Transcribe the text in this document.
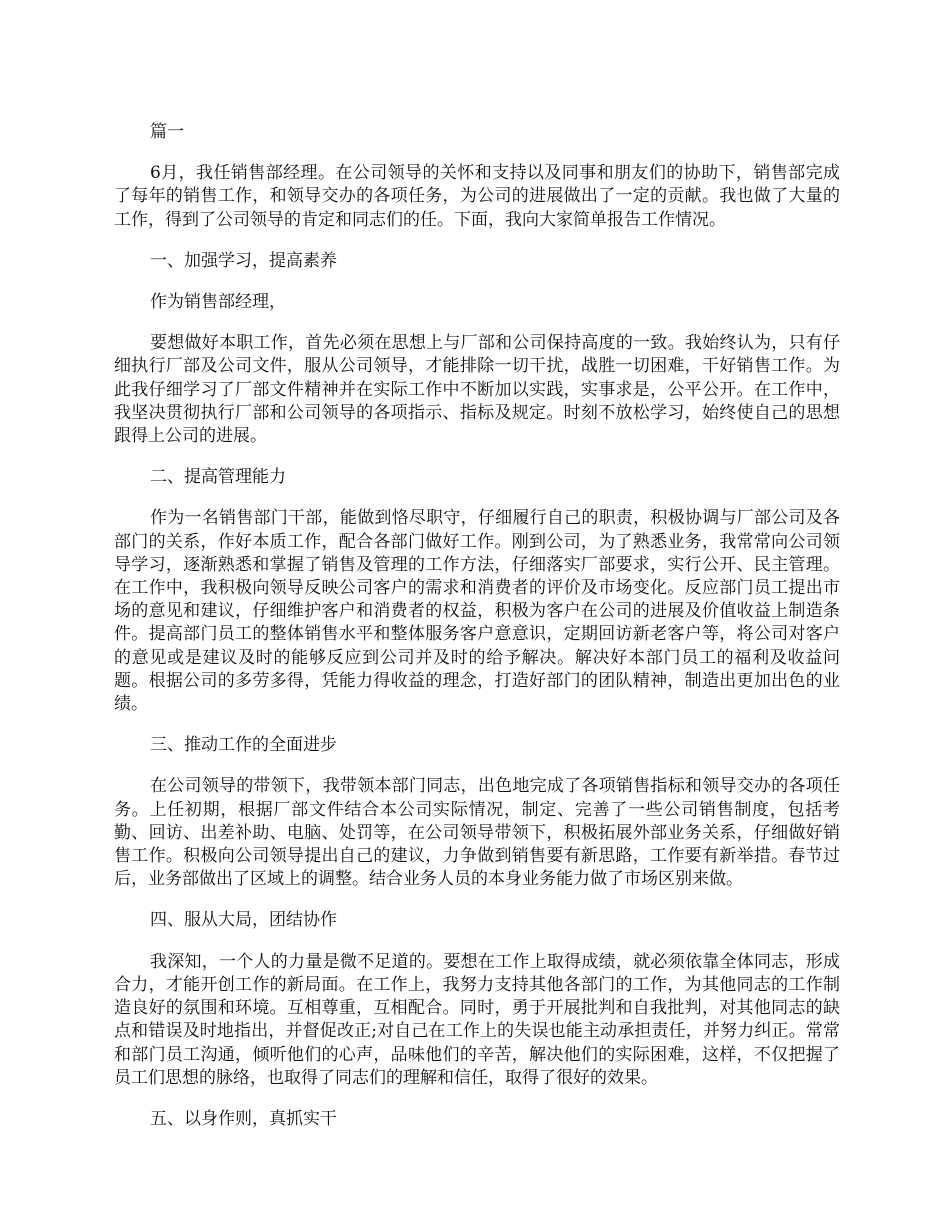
篇一
6月，我任销售部经理。在公司领导的关怀和支持以及同事和朋友们的协助下，销售部完成了每年的销售工作，和领导交办的各项任务，为公司的进展做出了一定的贡献。我也做了大量的工作，得到了公司领导的肯定和同志们的任。下面，我向大家简单报告工作情况。
一、加强学习，提高素养
作为销售部经理，
要想做好本职工作，首先必须在思想上与厂部和公司保持高度的一致。我始终认为，只有仔细执行厂部及公司文件，服从公司领导，才能排除一切干扰，战胜一切困难，干好销售工作。为此我仔细学习了厂部文件精神并在实际工作中不断加以实践，实事求是，公平公开。在工作中，我坚决贯彻执行厂部和公司领导的各项指示、指标及规定。时刻不放松学习，始终使自己的思想跟得上公司的进展。
二、提高管理能力
作为一名销售部门干部，能做到恪尽职守，仔细履行自己的职责，积极协调与厂部公司及各部门的关系，作好本质工作，配合各部门做好工作。刚到公司，为了熟悉业务，我常常向公司领导学习，逐渐熟悉和掌握了销售及管理的工作方法，仔细落实厂部要求，实行公开、民主管理。在工作中，我积极向领导反映公司客户的需求和消费者的评价及市场变化。反应部门员工提出市场的意见和建议，仔细维护客户和消费者的权益，积极为客户在公司的进展及价值收益上制造条件。提高部门员工的整体销售水平和整体服务客户意意识，定期回访新老客户等，将公司对客户的意见或是建议及时的能够反应到公司并及时的给予解决。解决好本部门员工的福利及收益问题。根据公司的多劳多得，凭能力得收益的理念，打造好部门的团队精神，制造出更加出色的业绩。
三、推动工作的全面进步
在公司领导的带领下，我带领本部门同志，出色地完成了各项销售指标和领导交办的各项任务。上任初期，根据厂部文件结合本公司实际情况，制定、完善了一些公司销售制度，包括考勤、回访、出差补助、电脑、处罚等，在公司领导带领下，积极拓展外部业务关系，仔细做好销售工作。积极向公司领导提出自己的建议，力争做到销售要有新思路，工作要有新举措。春节过后，业务部做出了区域上的调整。结合业务人员的本身业务能力做了市场区别来做。
四、服从大局，团结协作
我深知，一个人的力量是微不足道的。要想在工作上取得成绩，就必须依靠全体同志，形成合力，才能开创工作的新局面。在工作上，我努力支持其他各部门的工作，为其他同志的工作制造良好的氛围和环境。互相尊重，互相配合。同时，勇于开展批判和自我批判，对其他同志的缺点和错误及时地指出，并督促改正;对自己在工作上的失误也能主动承担责任，并努力纠正。常常和部门员工沟通，倾听他们的心声，品味他们的辛苦，解决他们的实际困难，这样，不仅把握了员工们思想的脉络，也取得了同志们的理解和信任，取得了很好的效果。
五、以身作则，真抓实干
